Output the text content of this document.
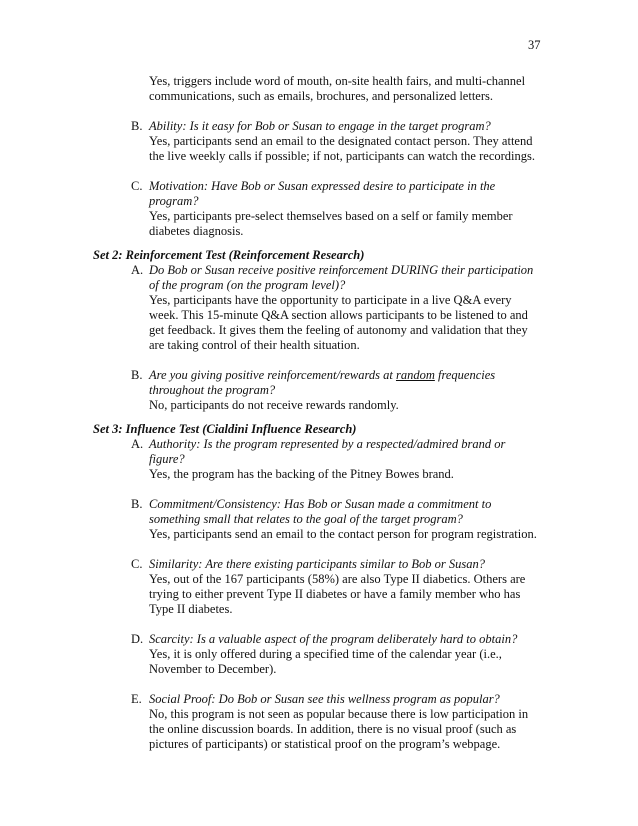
37
Yes, triggers include word of mouth, on-site health fairs, and multi-channel communications, such as emails, brochures, and personalized letters.
B. Ability: Is it easy for Bob or Susan to engage in the target program?
Yes, participants send an email to the designated contact person. They attend the live weekly calls if possible; if not, participants can watch the recordings.
C. Motivation: Have Bob or Susan expressed desire to participate in the program?
Yes, participants pre-select themselves based on a self or family member diabetes diagnosis.
Set 2: Reinforcement Test (Reinforcement Research)
A. Do Bob or Susan receive positive reinforcement DURING their participation of the program (on the program level)?
Yes, participants have the opportunity to participate in a live Q&A every week. This 15-minute Q&A section allows participants to be listened to and get feedback. It gives them the feeling of autonomy and validation that they are taking control of their health situation.
B. Are you giving positive reinforcement/rewards at random frequencies throughout the program?
No, participants do not receive rewards randomly.
Set 3: Influence Test (Cialdini Influence Research)
A. Authority: Is the program represented by a respected/admired brand or figure?
Yes, the program has the backing of the Pitney Bowes brand.
B. Commitment/Consistency: Has Bob or Susan made a commitment to something small that relates to the goal of the target program?
Yes, participants send an email to the contact person for program registration.
C. Similarity: Are there existing participants similar to Bob or Susan?
Yes, out of the 167 participants (58%) are also Type II diabetics. Others are trying to either prevent Type II diabetes or have a family member who has Type II diabetes.
D. Scarcity: Is a valuable aspect of the program deliberately hard to obtain?
Yes, it is only offered during a specified time of the calendar year (i.e., November to December).
E. Social Proof: Do Bob or Susan see this wellness program as popular?
No, this program is not seen as popular because there is low participation in the online discussion boards. In addition, there is no visual proof (such as pictures of participants) or statistical proof on the program’s webpage.
